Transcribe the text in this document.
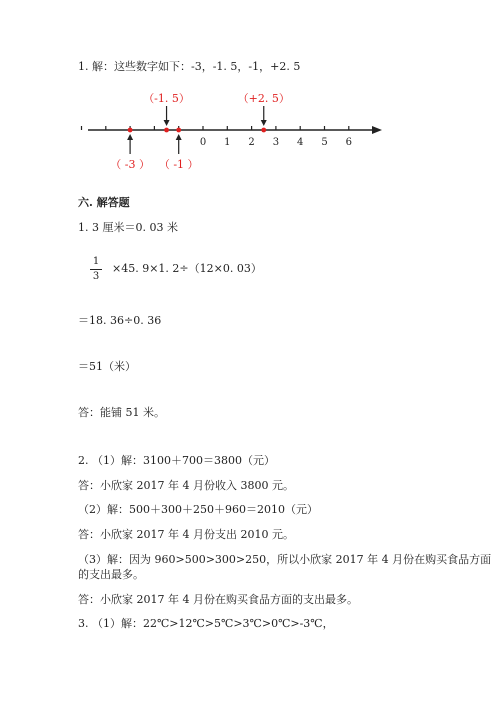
1. 解：这些数字如下：-3，-1. 5，-1，+2. 5
0 1 2 3 4 5 6
（ -3 ）
（-1. 5）
（ -1 ）
（+2. 5）
六. 解答题
1. 3 厘米＝0. 03 米
1
3
×45. 9×1. 2÷（12×0. 03）
＝18. 36÷0. 36
＝51（米）
答：能铺 51 米。
2. （1）解：3100＋700＝3800（元）
答：小欣家 2017 年 4 月份收入 3800 元。
（2）解：500＋300＋250＋960＝2010（元）
答：小欣家 2017 年 4 月份支出 2010 元。
（3）解：因为 960>500>300>250，所以小欣家 2017 年 4 月份在购买食品方面
的支出最多。
答：小欣家 2017 年 4 月份在购买食品方面的支出最多。
3. （1）解：22℃>12℃>5℃>3℃>0℃>-3℃，
